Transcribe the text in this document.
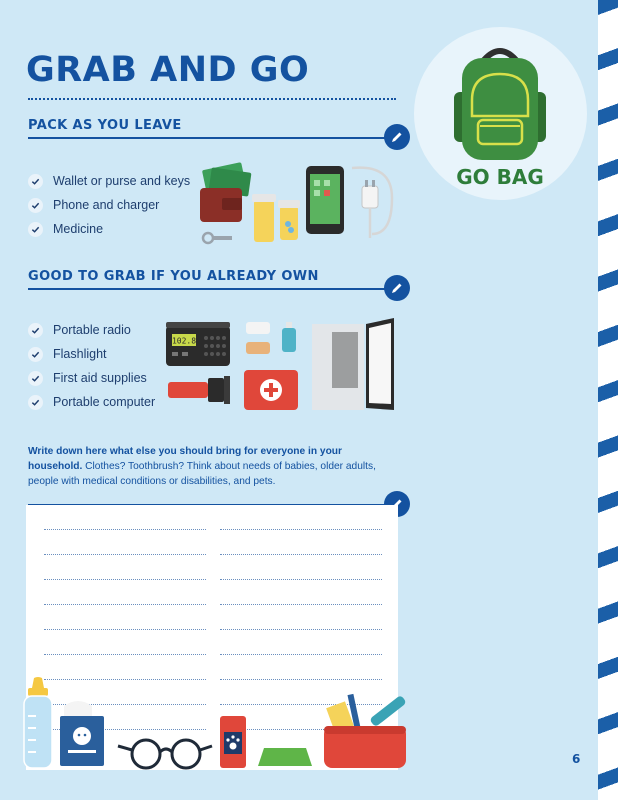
GRAB AND GO
GO BAG
PACK AS YOU LEAVE
Wallet or purse and keys
Phone and charger
Medicine
GOOD TO GRAB IF YOU ALREADY OWN
Portable radio
Flashlight
First aid supplies
Portable computer
102.8
Write down here what else you should bring for everyone in your household. Clothes? Toothbrush? Think about needs of babies, older adults, people with medical conditions or disabilities, and pets.
6
